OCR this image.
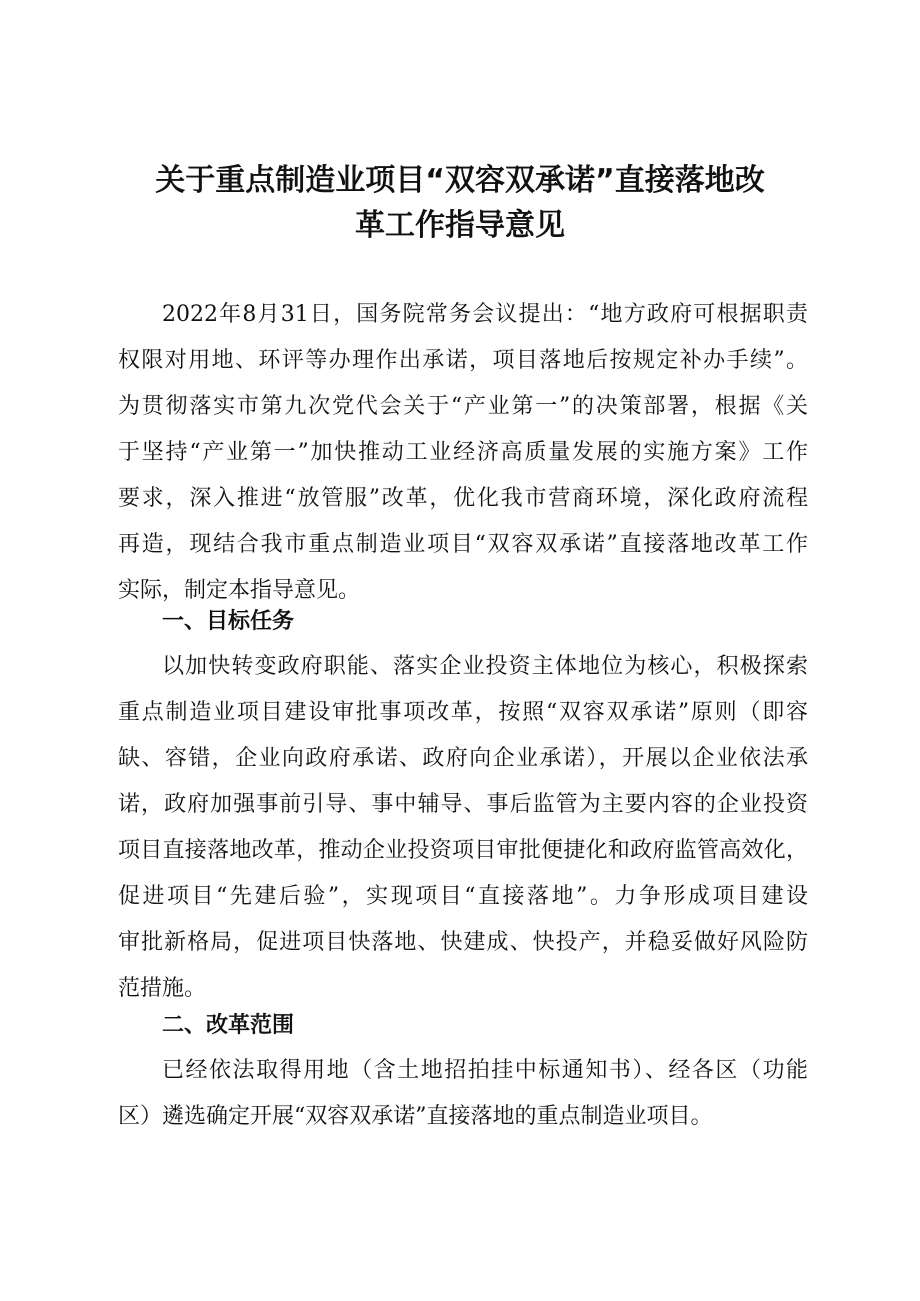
关于重点制造业项目“双容双承诺”直接落地改
革工作指导意见
2022年8月31日，国务院常务会议提出：“地方政府可根据职责
权限对用地、环评等办理作出承诺，项目落地后按规定补办手续”。
为贯彻落实市第九次党代会关于“产业第一”的决策部署，根据《关
于坚持“产业第一”加快推动工业经济高质量发展的实施方案》工作
要求，深入推进“放管服”改革，优化我市营商环境，深化政府流程
再造，现结合我市重点制造业项目“双容双承诺”直接落地改革工作
实际，制定本指导意见。
一、目标任务
以加快转变政府职能、落实企业投资主体地位为核心，积极探索
重点制造业项目建设审批事项改革，按照“双容双承诺”原则（即容
缺、容错，企业向政府承诺、政府向企业承诺），开展以企业依法承
诺，政府加强事前引导、事中辅导、事后监管为主要内容的企业投资
项目直接落地改革，推动企业投资项目审批便捷化和政府监管高效化，
促进项目“先建后验”，实现项目“直接落地”。力争形成项目建设
审批新格局，促进项目快落地、快建成、快投产，并稳妥做好风险防
范措施。
二、改革范围
已经依法取得用地（含土地招拍挂中标通知书）、经各区（功能
区）遴选确定开展“双容双承诺”直接落地的重点制造业项目。
